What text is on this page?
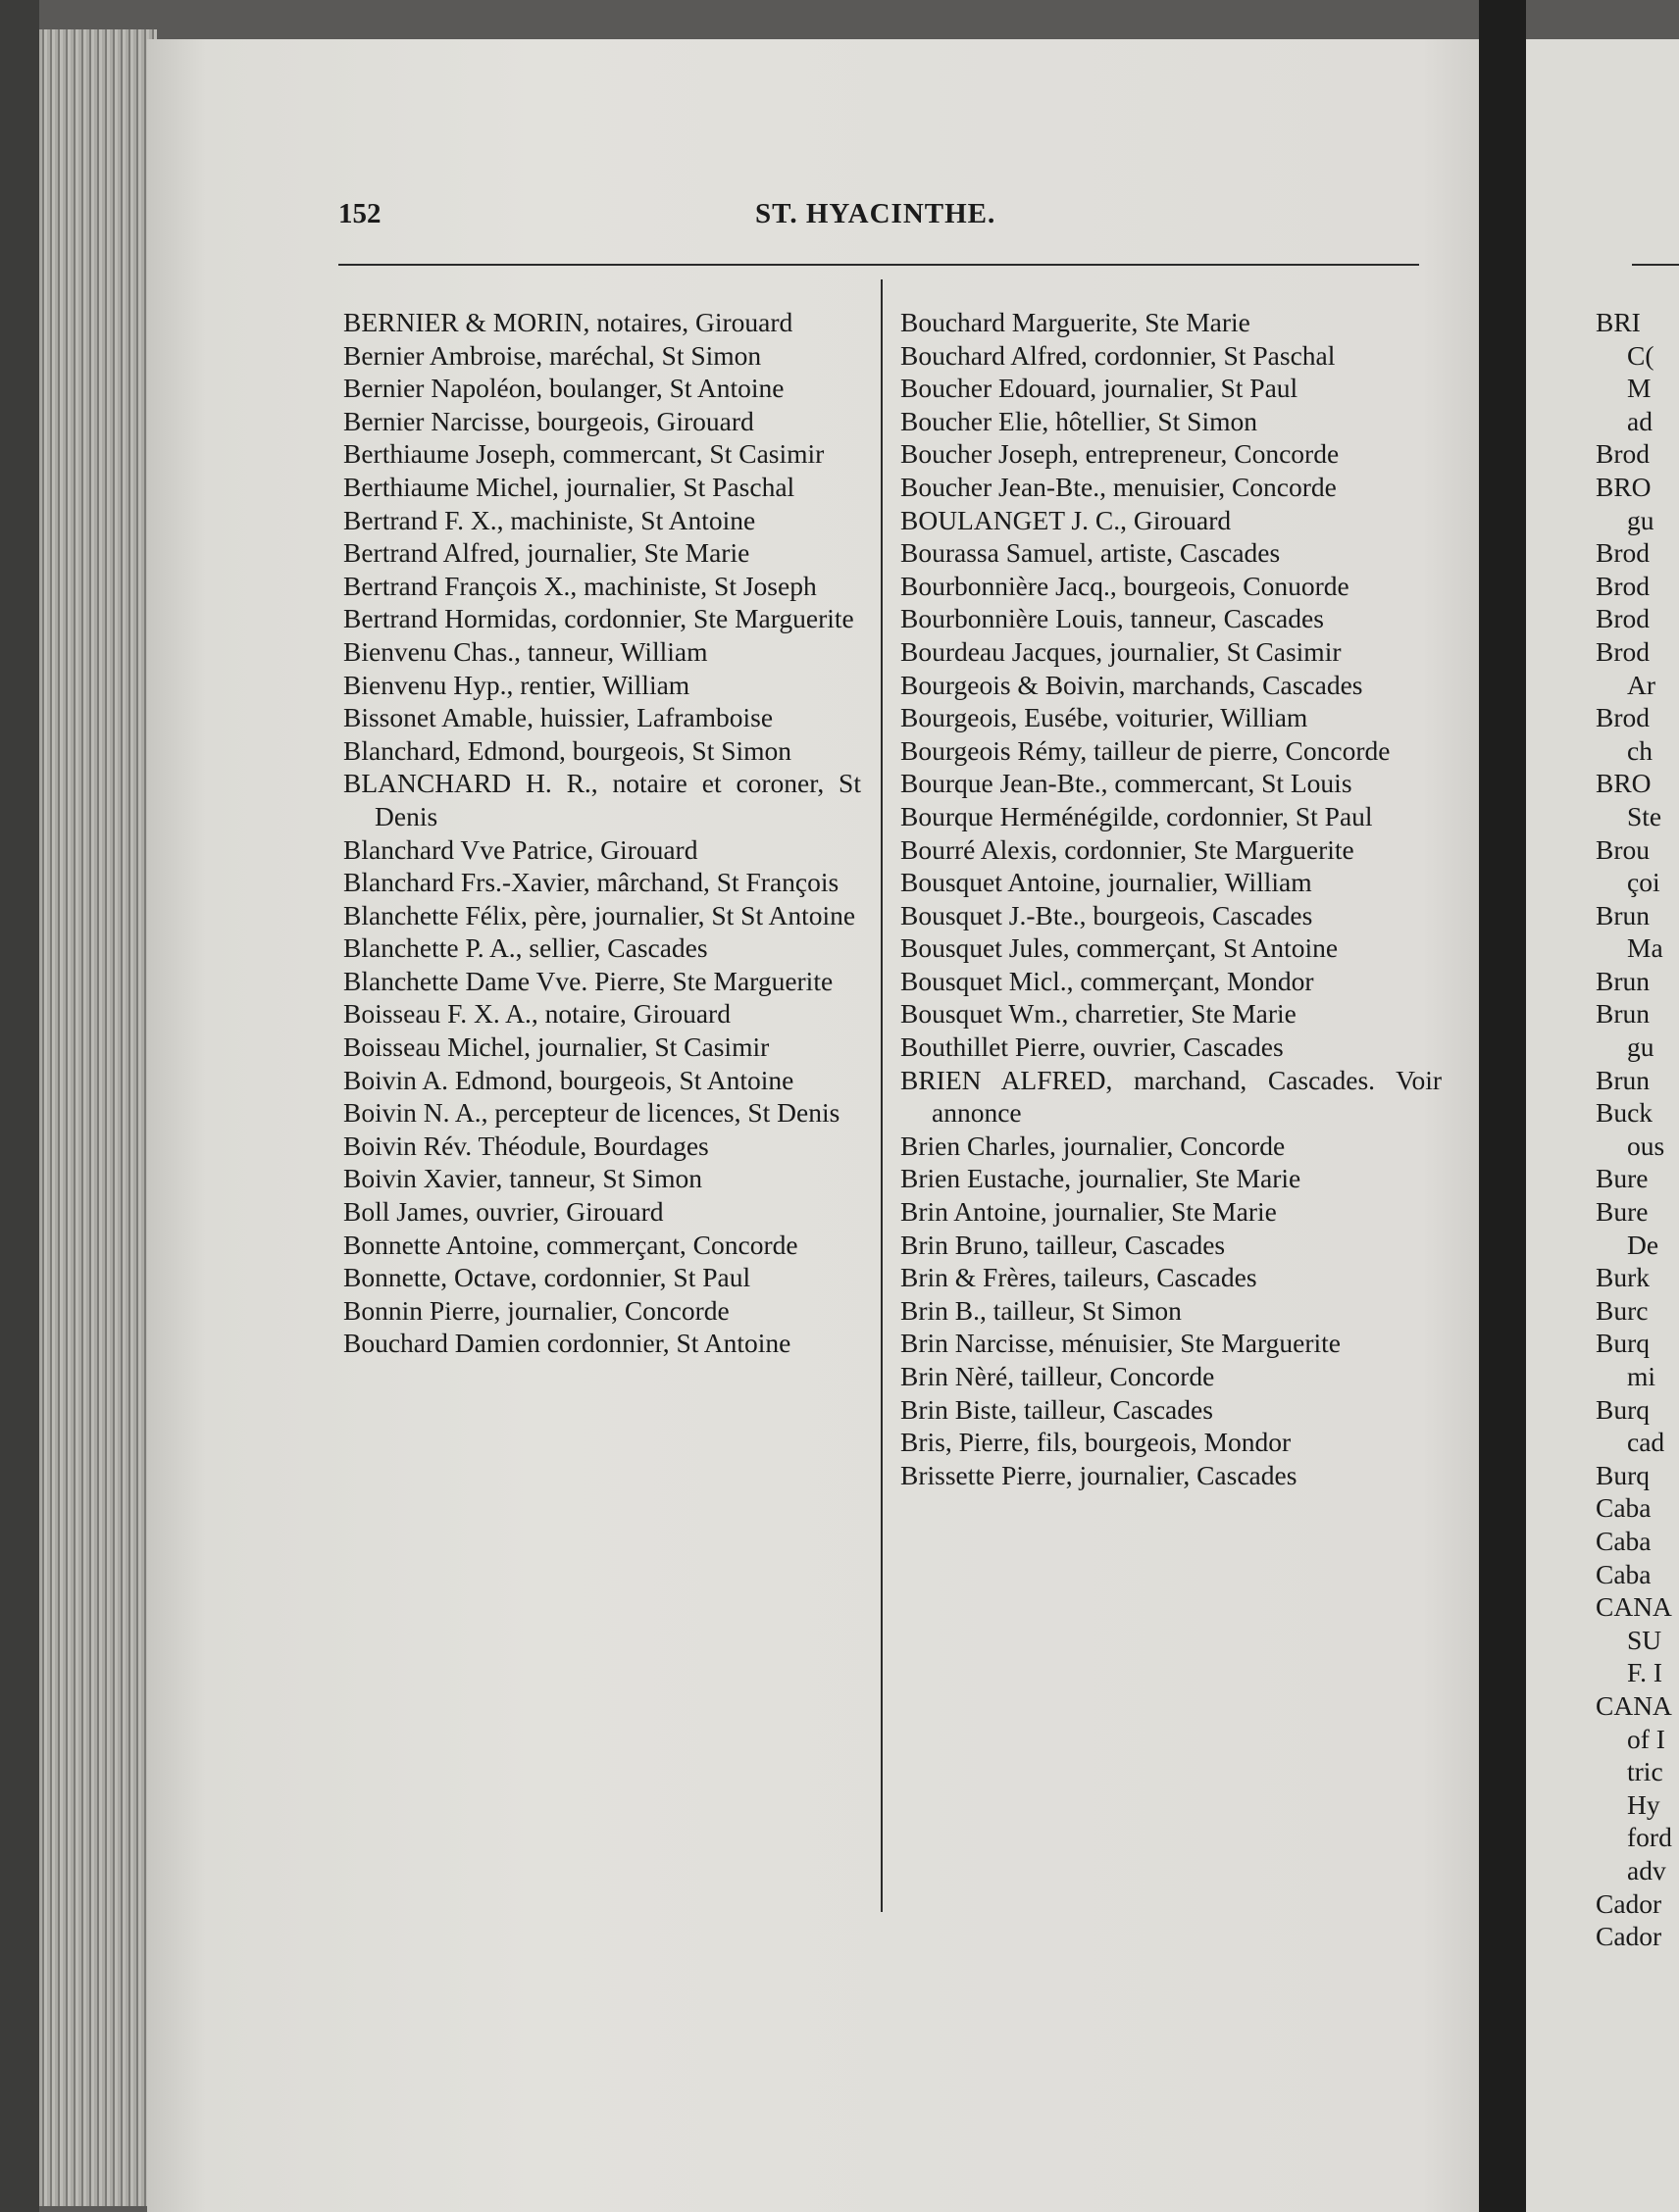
152	ST. HYACINTHE.

BERNIER & MORIN, notaires, Girouard

Bernier Ambroise, maréchal, St Simon

Bernier Napoléon, boulanger, St Antoine

Bernier Narcisse, bourgeois, Girouard

Berthiaume Joseph, commercant, St Casimir

Berthiaume Michel, journalier, St Paschal

Bertrand F. X., machiniste, St Antoine

Bertrand Alfred, journalier, Ste Marie

Bertrand François X., machiniste, St Joseph

Bertrand Hormidas, cordonnier, Ste Marguerite

Bienvenu Chas., tanneur, William

Bienvenu Hyp., rentier, William

Bissonet Amable, huissier, Laframboise

Blanchard, Edmond, bourgeois, St Simon

BLANCHARD H. R., notaire et coroner, St Denis

Blanchard Vve Patrice, Girouard

Blanchard Frs.-Xavier, mârchand, St François

Blanchette Félix, père, journalier, St St Antoine

Blanchette P. A., sellier, Cascades

Blanchette Dame Vve. Pierre, Ste Marguerite

Boisseau F. X. A., notaire, Girouard

Boisseau Michel, journalier, St Casimir

Boivin A. Edmond, bourgeois, St Antoine

Boivin N. A., percepteur de licences, St Denis

Boivin Rév. Théodule, Bourdages

Boivin Xavier, tanneur, St Simon

Boll James, ouvrier, Girouard

Bonnette Antoine, commerçant, Concorde

Bonnette, Octave, cordonnier, St Paul

Bonnin Pierre, journalier, Concorde

Bouchard Damien cordonnier, St Antoine

Bouchard Marguerite, Ste Marie

Bouchard Alfred, cordonnier, St Paschal

Boucher Edouard, journalier, St Paul

Boucher Elie, hôtellier, St Simon

Boucher Joseph, entrepreneur, Concorde

Boucher Jean-Bte., menuisier, Concorde

BOULANGET J. C., Girouard

Bourassa Samuel, artiste, Cascades

Bourbonnière Jacq., bourgeois, Conuorde

Bourbonnière Louis, tanneur, Cascades

Bourdeau Jacques, journalier, St Casimir

Bourgeois & Boivin, marchands, Cascades

Bourgeois, Eusébe, voiturier, William

Bourgeois Rémy, tailleur de pierre, Concorde

Bourque Jean-Bte., commercant, St Louis

Bourque Herménégilde, cordonnier, St Paul

Bourré Alexis, cordonnier, Ste Marguerite

Bousquet Antoine, journalier, William

Bousquet J.-Bte., bourgeois, Cascades

Bousquet Jules, commerçant, St Antoine

Bousquet Micl., commerçant, Mondor

Bousquet Wm., charretier, Ste Marie

Bouthillet Pierre, ouvrier, Cascades

BRIEN ALFRED, marchand, Cascades. Voir annonce

Brien Charles, journalier, Concorde

Brien Eustache, journalier, Ste Marie

Brin Antoine, journalier, Ste Marie

Brin Bruno, tailleur, Cascades

Brin & Frères, taileurs, Cascades

Brin B., tailleur, St Simon

Brin Narcisse, ménuisier, Ste Marguerite

Brin Nèré, tailleur, Concorde

Brin Biste, tailleur, Cascades

Bris, Pierre, fils, bourgeois, Mondor

Brissette Pierre, journalier, Cascades

BRI

C(

M

ad

Brod

BRO

gu

Brod

Brod

Brod

Brod

Ar

Brod

ch

BRO

Ste

Brou

çoi

Brun

Ma

Brun

Brun

gu

Brun

Buck

ous

Bure

Bure

De

Burk

Burc

Burq

mi

Burq

cad

Burq

Caba

Caba

Caba

CANA

SU

F. I

CANA

of I

tric

Hy

ford

adv

Cador

Cador
